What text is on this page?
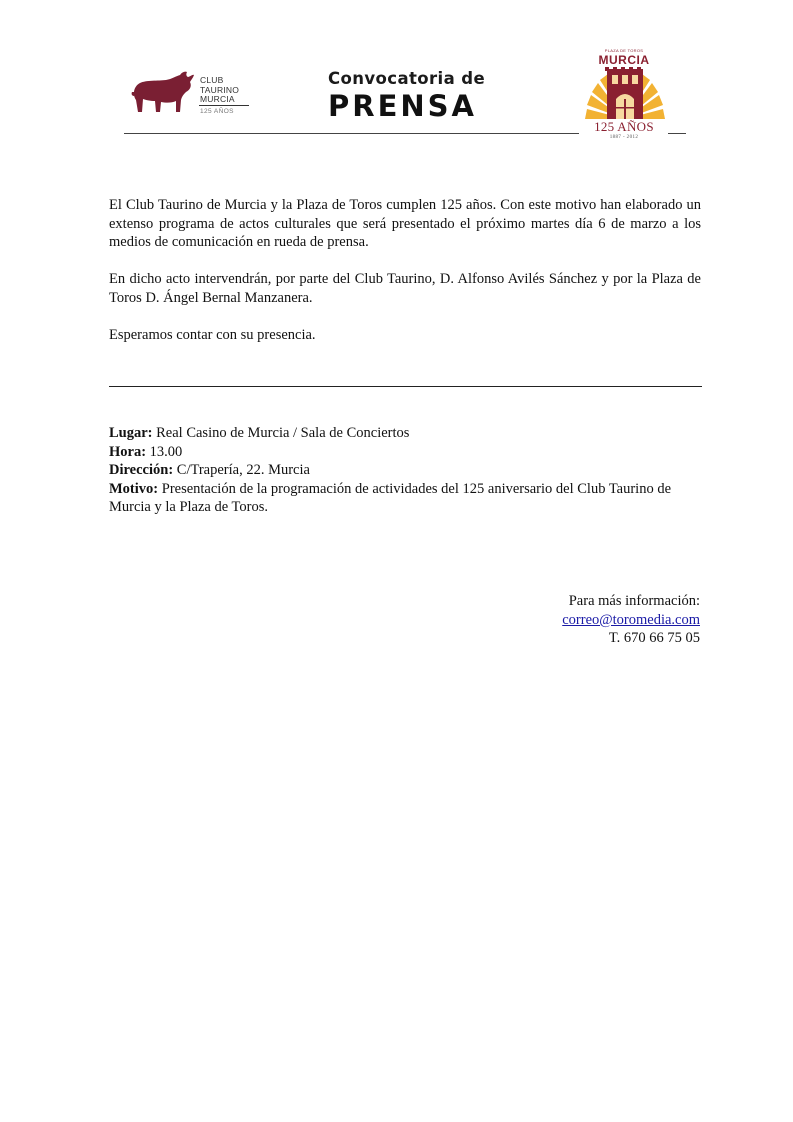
CLUB
TAURINO
MURCIA
125 AÑOS
Convocatoria de
PRENSA
PLAZA DE TOROS
MURCIA
125 AÑOS
1887 - 2012

El Club Taurino de Murcia y la Plaza de Toros cumplen 125 años. Con este motivo han elaborado un extenso programa de actos culturales que será presentado el próximo martes día 6 de marzo a los medios de comunicación en rueda de prensa.

En dicho acto intervendrán, por parte del Club Taurino, D. Alfonso Avilés Sánchez y por la Plaza de Toros D. Ángel Bernal Manzanera.

Esperamos contar con su presencia.

Lugar: Real Casino de Murcia / Sala de Conciertos
Hora: 13.00
Dirección: C/Trapería, 22. Murcia
Motivo: Presentación de la programación de actividades del 125 aniversario del Club Taurino de Murcia y la Plaza de Toros.
Para más información:
correo@toromedia.com
T. 670 66 75 05
